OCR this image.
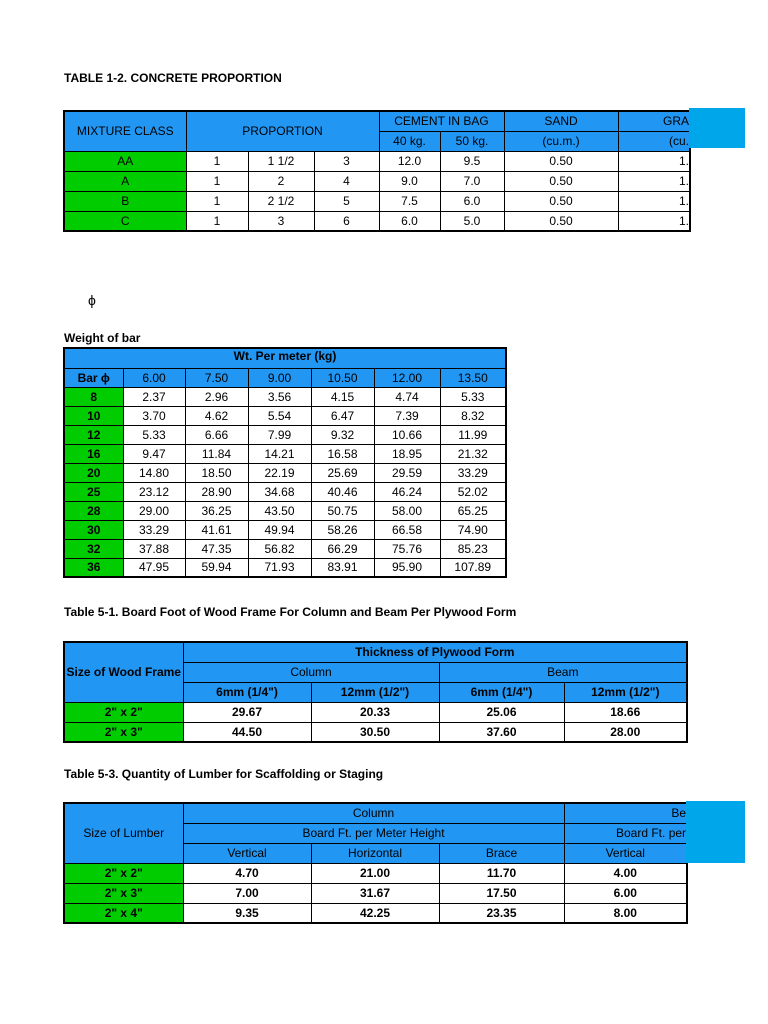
TABLE 1-2. CONCRETE PROPORTION
MIXTURE CLASS	PROPORTION			CEMENT IN BAG		SAND	GRA
				40 kg.	50 kg.	(cu.m.)	(cu.
AA	1	1 1/2	3	12.0	9.5	0.50	1.
A	1	2	4	9.0	7.0	0.50	1.
B	1	2 1/2	5	7.5	6.0	0.50	1.
C	1	3	6	6.0	5.0	0.50	1.
ϕ
Weight of bar
Wt. Per meter (kg)						
Bar ϕ	6.00	7.50	9.00	10.50	12.00	13.50
8	2.37	2.96	3.56	4.15	4.74	5.33
10	3.70	4.62	5.54	6.47	7.39	8.32
12	5.33	6.66	7.99	9.32	10.66	11.99
16	9.47	11.84	14.21	16.58	18.95	21.32
20	14.80	18.50	22.19	25.69	29.59	33.29
25	23.12	28.90	34.68	40.46	46.24	52.02
28	29.00	36.25	43.50	50.75	58.00	65.25
30	33.29	41.61	49.94	58.26	66.58	74.90
32	37.88	47.35	56.82	66.29	75.76	85.23
36	47.95	59.94	71.93	83.91	95.90	107.89
Table 5-1. Board Foot of Wood Frame For Column and Beam Per Plywood Form
Size of Wood Frame	Thickness of Plywood Form			
	Column		Beam	
	6mm (1/4")	12mm (1/2")	6mm (1/4")	12mm (1/2")
2" x 2"	29.67	20.33	25.06	18.66
2" x 3"	44.50	30.50	37.60	28.00
Table 5-3. Quantity of Lumber for Scaffolding or Staging
Size of Lumber	Column			Be
	Board Ft. per Meter Height			Board Ft. per
	Vertical	Horizontal	Brace	Vertical
2" x 2"	4.70	21.00	11.70	4.00
2" x 3"	7.00	31.67	17.50	6.00
2" x 4"	9.35	42.25	23.35	8.00
